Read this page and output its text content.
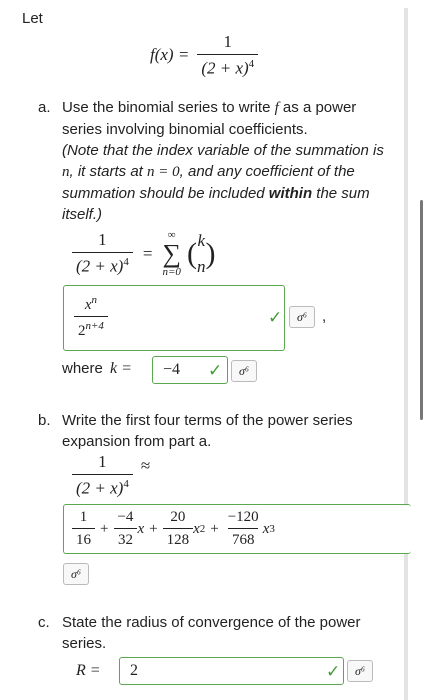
Let
$f(x) = \frac{1}{(2 + x)^4}$
a. Use the binomial series to write f as a power
series involving binomial coefficients.
(Note that the index variable of the summation is
n, it starts at n = 0, and any coefficient of the
summation should be included within the sum
itself.)
$\frac{1}{(2 + x)^4}$ =
∞
∑
n=0
( k
n )
$\frac{x^n}{2^{n+4}}$	✓ σ⁶ ,
where k = −4 ✓ σ⁶
b. Write the first four terms of the power series
expansion from part a.
$\frac{1}{(2 + x)^4}$ ≈
$\frac{1}{16} + \frac{-4}{32}$ $x + \frac{20}{128}$ x $2 + \frac{-120}{768}$ x 3
σ⁶
c. State the radius of convergence of the power
series.
R = 2	✓ σ⁶
